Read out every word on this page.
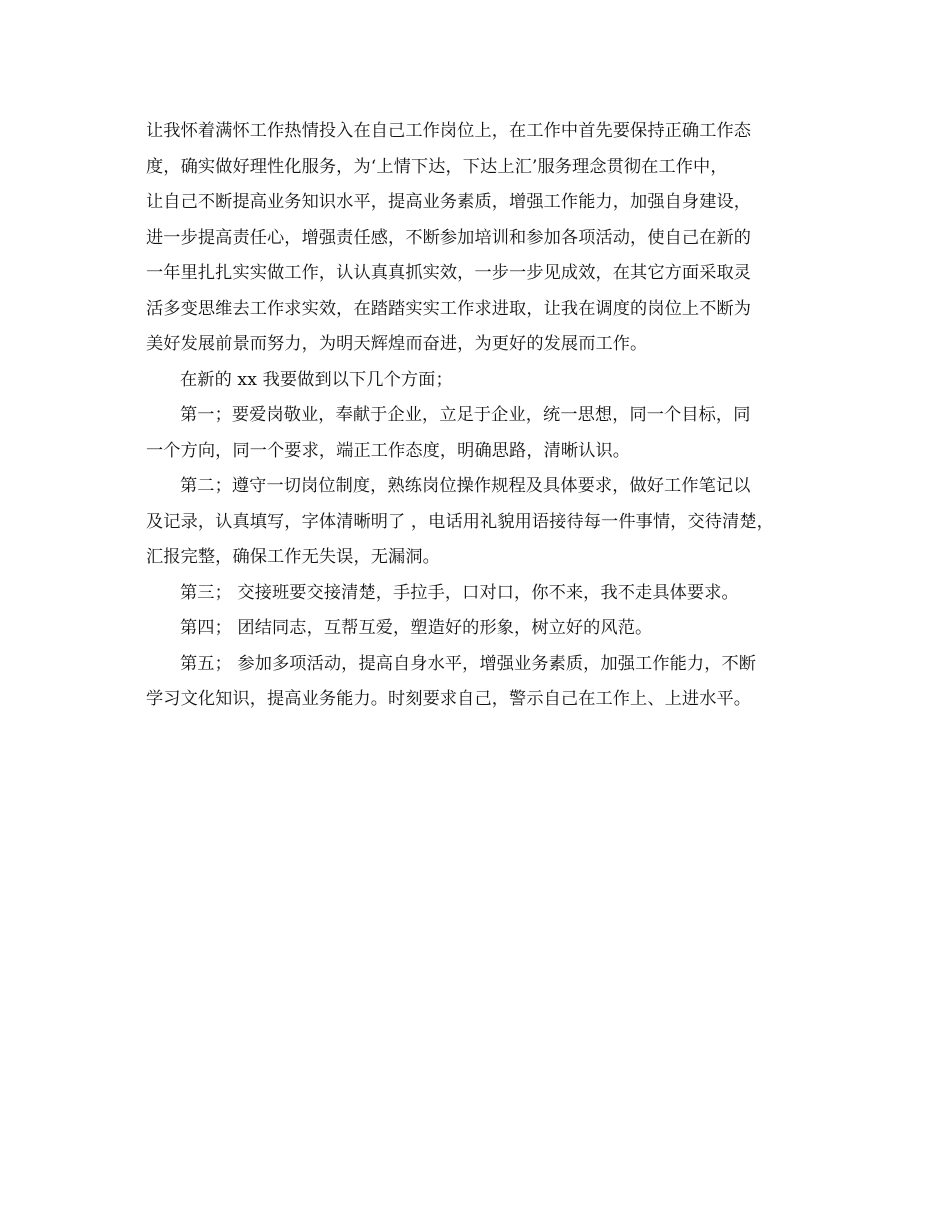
让我怀着满怀工作热情投入在自己工作岗位上，在工作中首先要保持正确工作态
度，确实做好理性化服务，为‘上情下达，下达上汇’服务理念贯彻在工作中，
让自己不断提高业务知识水平，提高业务素质，增强工作能力，加强自身建设，
进一步提高责任心，增强责任感，不断参加培训和参加各项活动，使自己在新的
一年里扎扎实实做工作，认认真真抓实效，一步一步见成效，在其它方面采取灵
活多变思维去工作求实效，在踏踏实实工作求进取，让我在调度的岗位上不断为
美好发展前景而努力，为明天辉煌而奋进，为更好的发展而工作。
在新的 xx 我要做到以下几个方面；
第一；要爱岗敬业，奉献于企业，立足于企业，统一思想，同一个目标，同
一个方向，同一个要求，端正工作态度，明确思路，清晰认识。
第二；遵守一切岗位制度，熟练岗位操作规程及具体要求，做好工作笔记以
及记录，认真填写，字体清晰明了 ，电话用礼貌用语接待每一件事情，交待清楚，
汇报完整，确保工作无失误，无漏洞。
第三； 交接班要交接清楚，手拉手，口对口，你不来，我不走具体要求。
第四； 团结同志，互帮互爱，塑造好的形象，树立好的风范。
第五； 参加多项活动，提高自身水平，增强业务素质，加强工作能力，不断
学习文化知识，提高业务能力。时刻要求自己，警示自己在工作上、上进水平。
